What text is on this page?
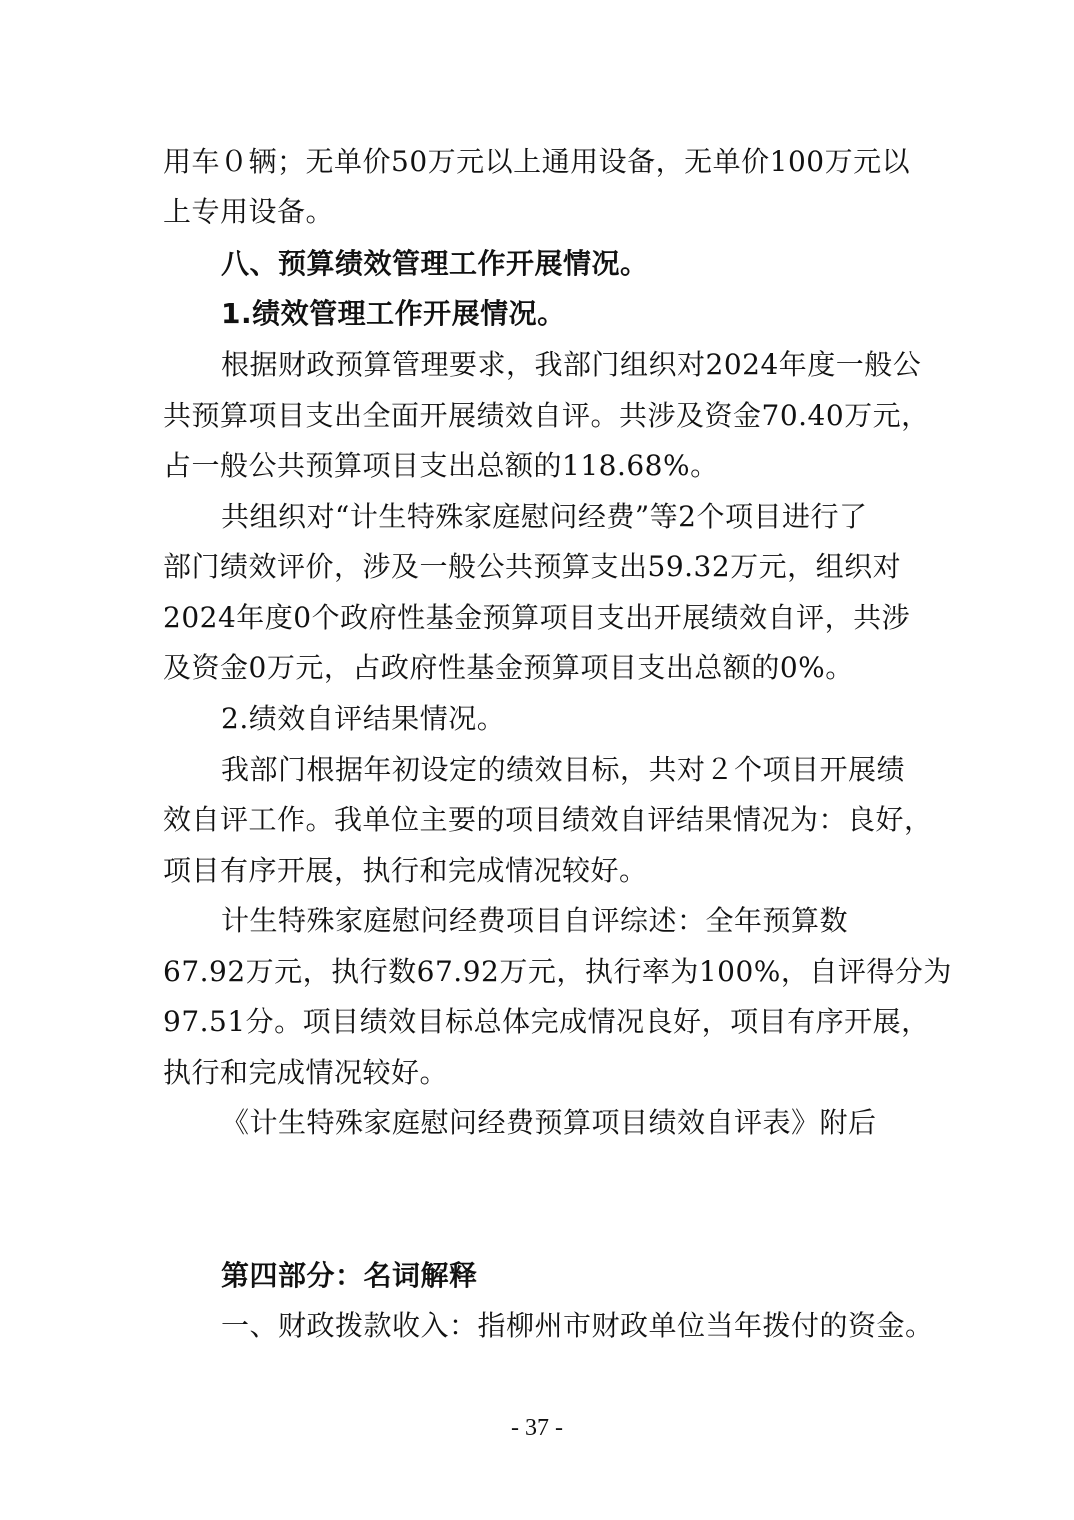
用车０辆；无单价50万元以上通用设备，无单价100万元以
上专用设备。
八、预算绩效管理工作开展情况。
1.绩效管理工作开展情况。
根据财政预算管理要求，我部门组织对2024年度一般公
共预算项目支出全面开展绩效自评。共涉及资金70.40万元，
占一般公共预算项目支出总额的118.68%。
共组织对“计生特殊家庭慰问经费”等2个项目进行了
部门绩效评价，涉及一般公共预算支出59.32万元，组织对
2024年度0个政府性基金预算项目支出开展绩效自评，共涉
及资金0万元，占政府性基金预算项目支出总额的0%。
2.绩效自评结果情况。
我部门根据年初设定的绩效目标，共对２个项目开展绩
效自评工作。我单位主要的项目绩效自评结果情况为：良好，
项目有序开展，执行和完成情况较好。
计生特殊家庭慰问经费项目自评综述：全年预算数
67.92万元，执行数67.92万元，执行率为100%，自评得分为
97.51分。项目绩效目标总体完成情况良好，项目有序开展，
执行和完成情况较好。
《计生特殊家庭慰问经费预算项目绩效自评表》附后
第四部分：名词解释
一、财政拨款收入：指柳州市财政单位当年拨付的资金。
- 37 -
